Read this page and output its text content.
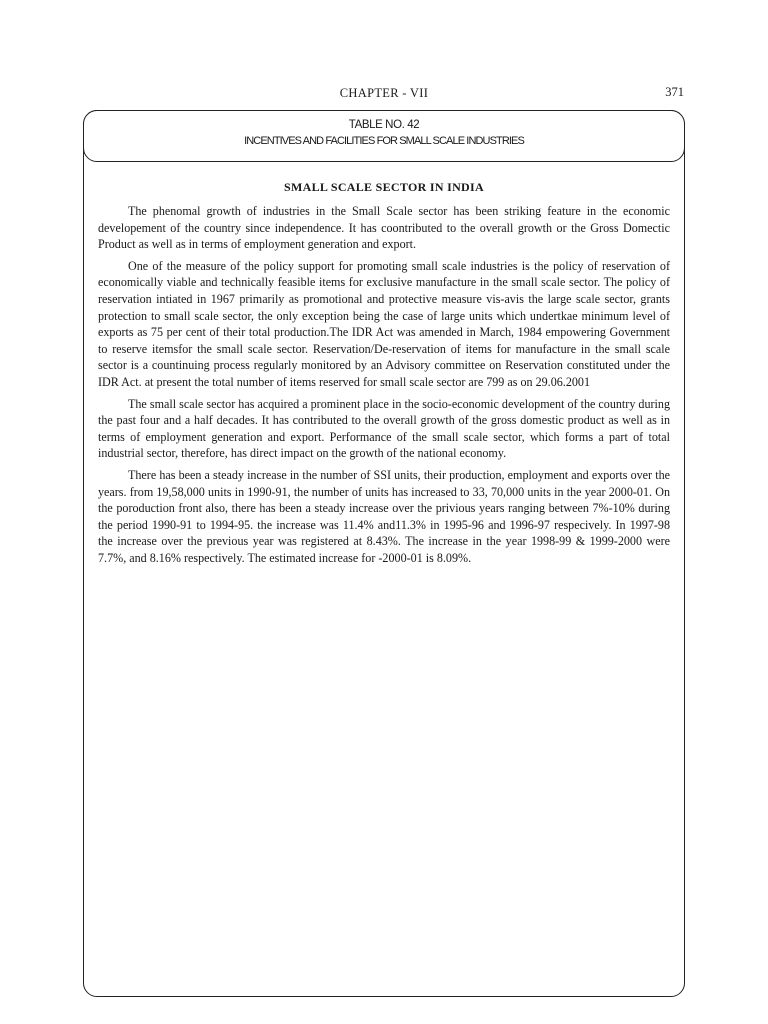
CHAPTER - VII	371
TABLE NO. 42
INCENTIVES AND FACILITIES FOR SMALL SCALE INDUSTRIES
SMALL SCALE SECTOR IN INDIA

The phenomal growth of industries in the Small Scale sector has been striking feature in the economic developement of the country since independence. It has coontributed to the overall growth or the Gross Domectic Product as well as in terms of employment generation and export.

One of the measure of the policy support for promoting small scale industries is the policy of reservation of economically viable and technically feasible items for exclusive manufacture in the small scale sector. The policy of reservation intiated in 1967 primarily as promotional and protective measure vis-avis the large scale sector, grants protection to small scale sector, the only exception being the case of large units which undertkae minimum level of exports as 75 per cent of their total production.The IDR Act was amended in March, 1984 empowering Government to reserve itemsfor the small scale sector. Reservation/De-reservation of items for manufacture in the small scale sector is a countinuing process regularly monitored by an Advisory committee on Reservation constituted under the IDR Act. at present the total number of items reserved for small scale sector are 799 as on 29.06.2001

The small scale sector has acquired a prominent place in the socio-economic development of the country during the past four and a half decades. It has contributed to the overall growth of the gross domestic product as well as in terms of employment generation and export. Performance of the small scale sector, which forms a part of total industrial sector, therefore, has direct impact on the growth of the national economy.

There has been a steady increase in the number of SSI units, their production, employment and exports over the years. from 19,58,000 units in 1990-91, the number of units has increased to 33, 70,000 units in the year 2000-01. On the poroduction front also, there has been a steady increase over the privious years ranging between 7%-10% during the period 1990-91 to 1994-95. the increase was 11.4% and11.3% in 1995-96 and 1996-97 respecively. In 1997-98 the increase over the previous year was registered at 8.43%. The increase in the year 1998-99 & 1999-2000 were 7.7%, and 8.16% respectively. The estimated increase for -2000-01 is 8.09%.
